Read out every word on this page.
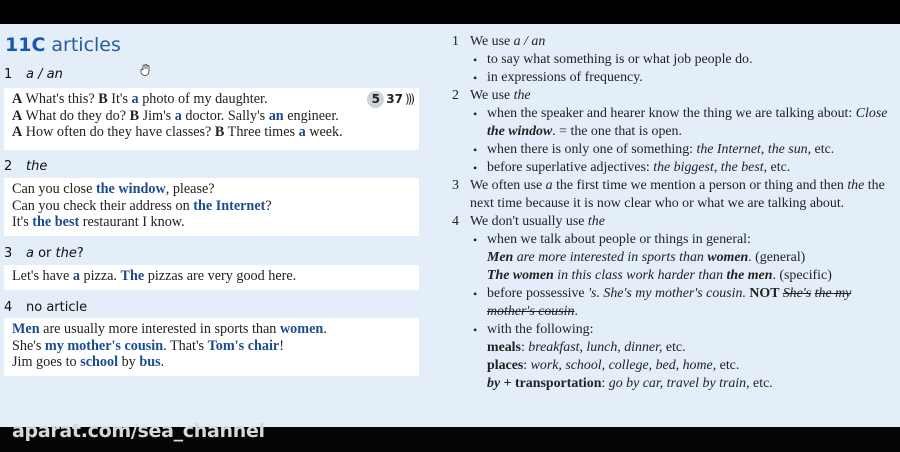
11C articles
1 a / an
5 37 )))
A What's this? B It's a photo of my daughter.
A What do they do? B Jim's a doctor. Sally's an engineer.
A How often do they have classes? B Three times a week.
2 the
Can you close the window, please?
Can you check their address on the Internet?
It's the best restaurant I know.
3 a or the?
Let's have a pizza. The pizzas are very good here.
4 no article
Men are usually more interested in sports than women.
She's my mother's cousin. That's Tom's chair!
Jim goes to school by bus.
1 We use a / an
• to say what something is or what job people do.
• in expressions of frequency.
2 We use the
• when the speaker and hearer know the thing we are talking about: Close the window. = the one that is open.
• when there is only one of something: the Internet, the sun, etc.
• before superlative adjectives: the biggest, the best, etc.
3 We often use a the first time we mention a person or thing and then the the next time because it is now clear who or what we are talking about.
4 We don't usually use the
• when we talk about people or things in general:
Men are more interested in sports than women. (general)
The women in this class work harder than the men. (specific)
• before possessive 's. She's my mother's cousin. NOT She's the my mother's cousin.
• with the following:
meals: breakfast, lunch, dinner, etc.
places: work, school, college, bed, home, etc.
by + transportation: go by car, travel by train, etc.
aparat.com/sea_channel
